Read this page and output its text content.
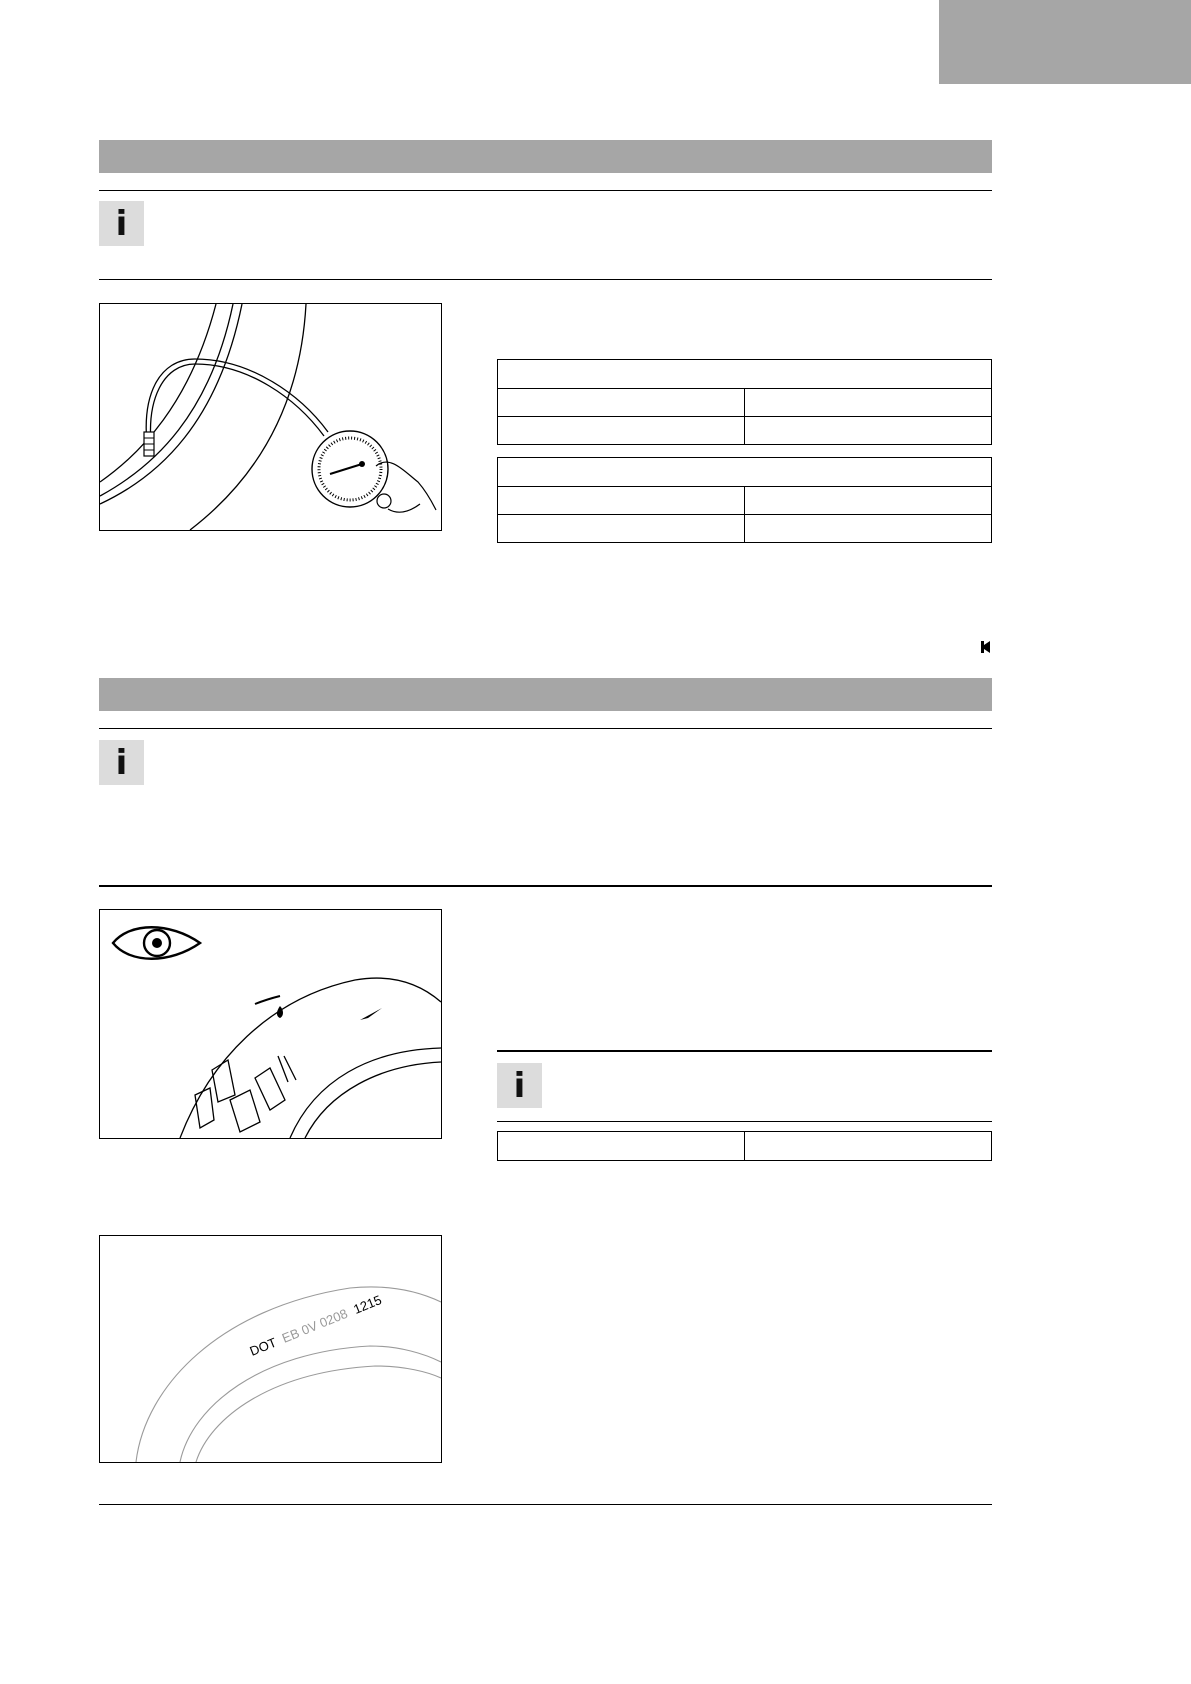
i
i
i
DOT EB 0V 0208 1215
